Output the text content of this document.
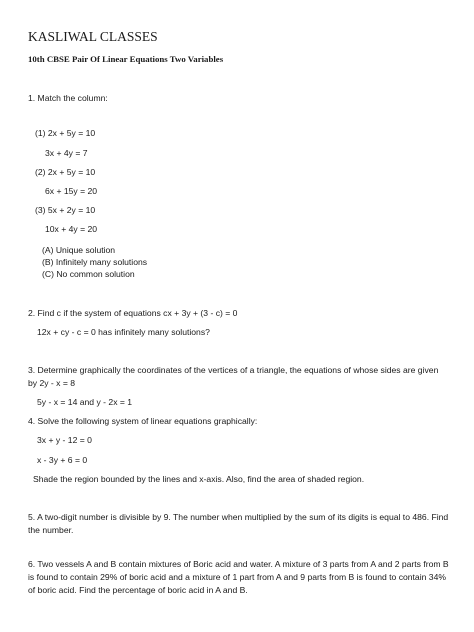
KASLIWAL CLASSES
10th CBSE Pair Of Linear Equations Two Variables
1. Match the column:
(1) 2x + 5y = 10
3x + 4y = 7
(2) 2x + 5y = 10
6x + 15y = 20
(3) 5x + 2y = 10
10x + 4y = 20
(A) Unique solution
(B) Infinitely many solutions
(C) No common solution
2. Find c if the system of equations cx + 3y + (3 - c) = 0
12x + cy - c = 0 has infinitely many solutions?
3. Determine graphically the coordinates of the vertices of a triangle, the equations of whose sides are given
by 2y - x = 8
5y - x = 14 and y - 2x = 1
4. Solve the following system of linear equations graphically:
3x + y - 12 = 0
x - 3y + 6 = 0
Shade the region bounded by the lines and x-axis. Also, find the area of shaded region.
5. A two-digit number is divisible by 9. The number when multiplied by the sum of its digits is equal to 486. Find the number.
6. Two vessels A and B contain mixtures of Boric acid and water. A mixture of 3 parts from A and 2 parts from B is found to contain 29% of boric acid and a mixture of 1 part from A and 9 parts from B is found to contain 34% of boric acid. Find the percentage of boric acid in A and B.
